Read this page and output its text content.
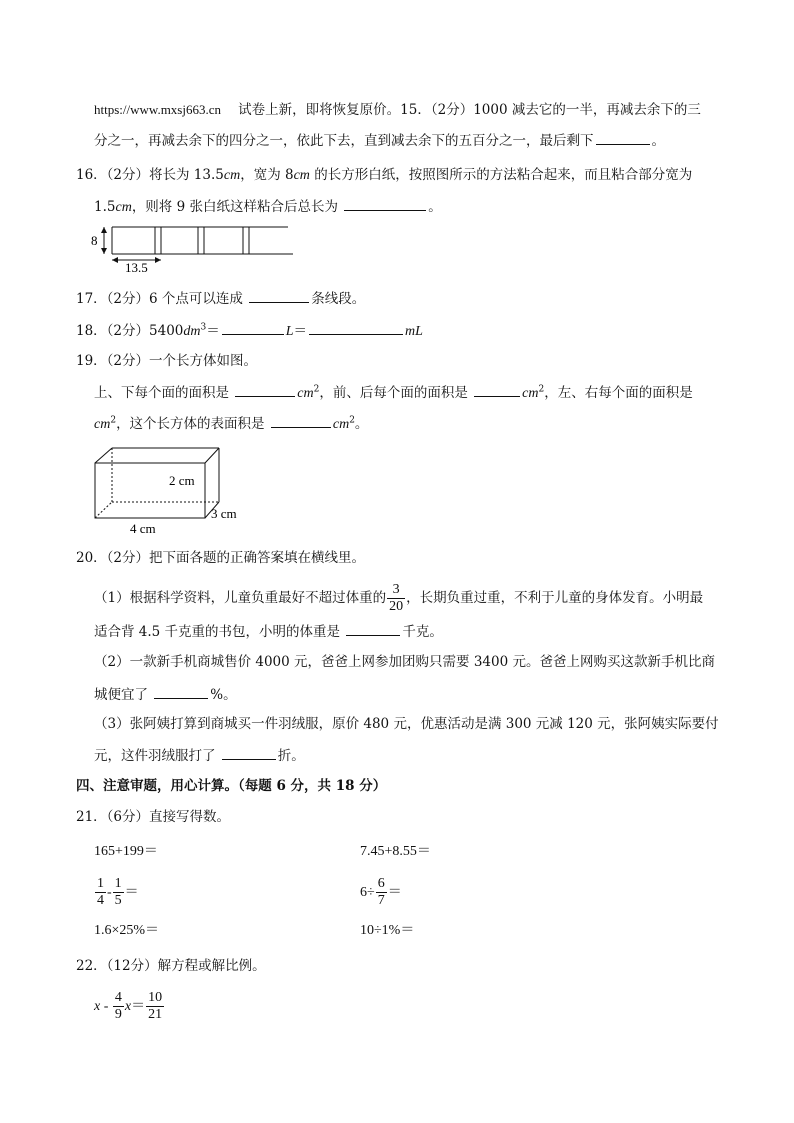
https://www.mxsj663.cn 试卷上新，即将恢复原价。15．（2分）1000 减去它的一半，再减去余下的三
分之一，再减去余下的四分之一，依此下去，直到减去余下的五百分之一，最后剩下	。
16．（2分）将长为 13.5cm，宽为 8cm 的长方形白纸，按照图所示的方法粘合起来，而且粘合部分宽为
1.5cm，则将 9 张白纸这样粘合后总长为	。
8
13.5
17．（2分）6 个点可以连成	条线段。
18．（2分）$5400dm^3=$	L＝	mL
19．（2分）一个长方体如图。
上、下每个面的面积是	$cm^2$，前、后每个面的面积是	$cm^2$，左、右每个面的面积是
$cm^2$，这个长方体的表面积是	$cm^2$。
2 cm
3 cm
4 cm
20．（2分）把下面各题的正确答案填在横线里。
（1）根据科学资料，儿童负重最好不超过体重的 $\frac{3}{20}$ ，长期负重过重，不利于儿童的身体发育。小明最
适合背 4.5 千克重的书包，小明的体重是	千克。
（2）一款新手机商城售价 4000 元，爸爸上网参加团购只需要 3400 元。爸爸上网购买这款新手机比商
城便宜了	%。
（3）张阿姨打算到商城买一件羽绒服，原价 480 元，优惠活动是满 300 元减 120 元，张阿姨实际要付
元，这件羽绒服打了	折。
四、注意审题，用心计算。（每题 6 分，共 18 分）
21．（6分）直接写得数。
165+199＝	7.45+8.55＝
$\frac{1}{4} - \frac{1}{5}$ ＝	$6\div \frac{6}{7}$ ＝
1.6×25%＝	10÷1%＝
22．（12分）解方程或解比例。
$x - \frac{4}{9} x= \frac{10}{21}$
